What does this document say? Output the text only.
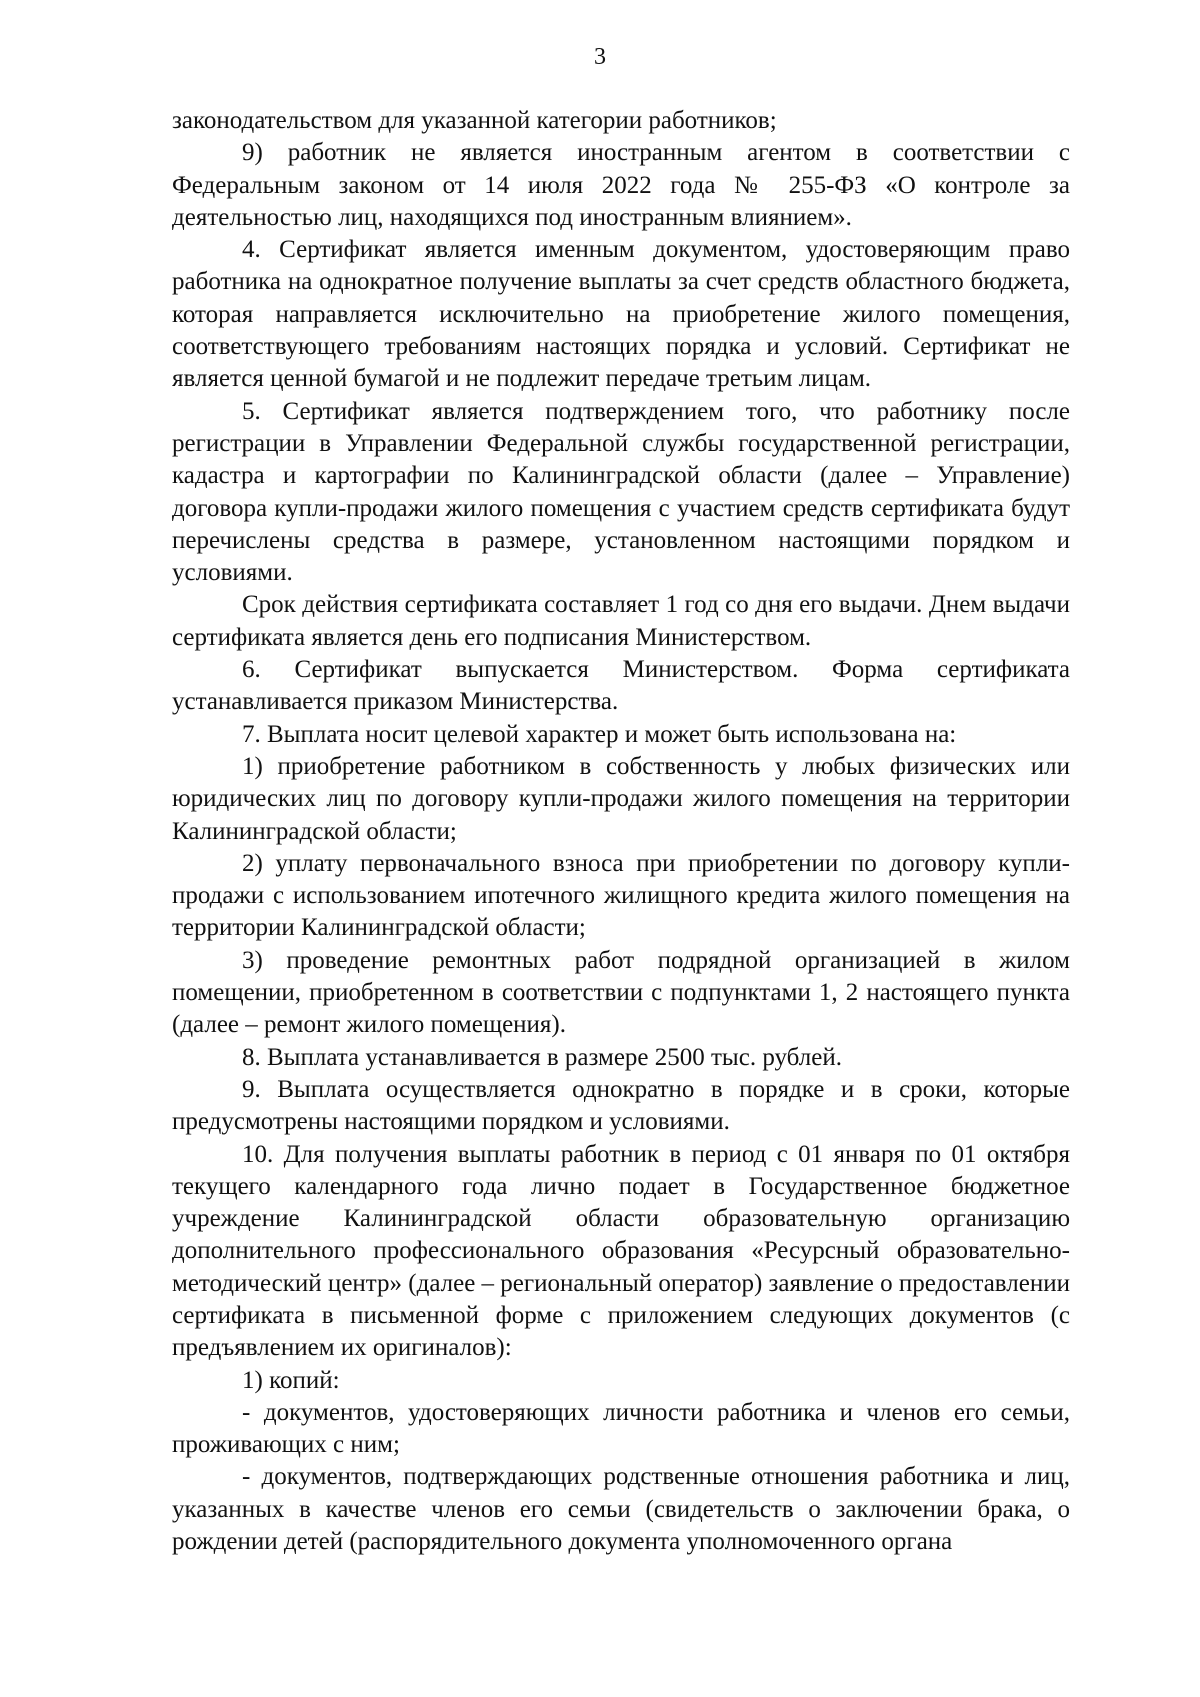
3

законодательством для указанной категории работников;

9) работник не является иностранным агентом в соответствии с Федеральным законом от 14 июля 2022 года № 255-ФЗ «О контроле за деятельностью лиц, находящихся под иностранным влиянием».

4. Сертификат является именным документом, удостоверяющим право работника на однократное получение выплаты за счет средств областного бюджета, которая направляется исключительно на приобретение жилого помещения, соответствующего требованиям настоящих порядка и условий. Сертификат не является ценной бумагой и не подлежит передаче третьим лицам.

5. Сертификат является подтверждением того, что работнику после регистрации в Управлении Федеральной службы государственной регистрации, кадастра и картографии по Калининградской области (далее – Управление) договора купли-продажи жилого помещения с участием средств сертификата будут перечислены средства в размере, установленном настоящими порядком и условиями.

Срок действия сертификата составляет 1 год со дня его выдачи. Днем выдачи сертификата является день его подписания Министерством.

6. Сертификат выпускается Министерством. Форма сертификата устанавливается приказом Министерства.

7. Выплата носит целевой характер и может быть использована на:

1) приобретение работником в собственность у любых физических или юридических лиц по договору купли-продажи жилого помещения на территории Калининградской области;

2) уплату первоначального взноса при приобретении по договору купли-продажи с использованием ипотечного жилищного кредита жилого помещения на территории Калининградской области;

3) проведение ремонтных работ подрядной организацией в жилом помещении, приобретенном в соответствии с подпунктами 1, 2 настоящего пункта (далее – ремонт жилого помещения).

8. Выплата устанавливается в размере 2500 тыс. рублей.

9. Выплата осуществляется однократно в порядке и в сроки, которые предусмотрены настоящими порядком и условиями.

10. Для получения выплаты работник в период с 01 января по 01 октября текущего календарного года лично подает в Государственное бюджетное учреждение Калининградской области образовательную организацию дополнительного профессионального образования «Ресурсный образовательно-методический центр» (далее – региональный оператор) заявление о предоставлении сертификата в письменной форме с приложением следующих документов (с предъявлением их оригиналов):

1) копий:

- документов, удостоверяющих личности работника и членов его семьи, проживающих с ним;

- документов, подтверждающих родственные отношения работника и лиц, указанных в качестве членов его семьи (свидетельств о заключении брака, о рождении детей (распорядительного документа уполномоченного органа
